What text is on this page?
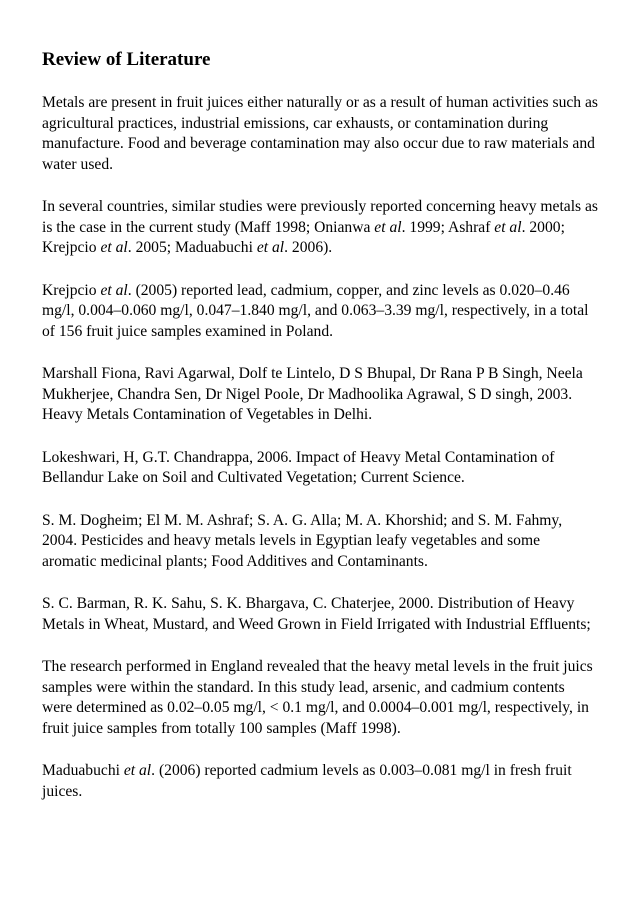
Review of Literature

Metals are present in fruit juices either naturally or as a result of human activities such as agricultural practices, industrial emissions, car exhausts, or contamination during manufacture. Food and beverage contamination may also occur due to raw materials and water used.

In several countries, similar studies were previously reported concerning heavy metals as is the case in the current study (Maff 1998; Onianwa et al. 1999; Ashraf et al. 2000; Krejpcio et al. 2005; Maduabuchi et al. 2006).

Krejpcio et al. (2005) reported lead, cadmium, copper, and zinc levels as 0.020–0.46 mg/l, 0.004–0.060 mg/l, 0.047–1.840 mg/l, and 0.063–3.39 mg/l, respectively, in a total of 156 fruit juice samples examined in Poland.

Marshall Fiona, Ravi Agarwal, Dolf te Lintelo, D S Bhupal, Dr Rana P B Singh, Neela Mukherjee, Chandra Sen, Dr Nigel Poole, Dr Madhoolika Agrawal, S D singh, 2003. Heavy Metals Contamination of Vegetables in Delhi.

Lokeshwari, H, G.T. Chandrappa, 2006. Impact of Heavy Metal Contamination of Bellandur Lake on Soil and Cultivated Vegetation; Current Science.

S. M. Dogheim; El M. M. Ashraf; S. A. G. Alla; M. A. Khorshid; and S. M. Fahmy, 2004. Pesticides and heavy metals levels in Egyptian leafy vegetables and some aromatic medicinal plants; Food Additives and Contaminants.

S. C. Barman, R. K. Sahu, S. K. Bhargava, C. Chaterjee, 2000. Distribution of Heavy Metals in Wheat, Mustard, and Weed Grown in Field Irrigated with Industrial Effluents;

The research performed in England revealed that the heavy metal levels in the fruit juics samples were within the standard. In this study lead, arsenic, and cadmium contents were determined as 0.02–0.05 mg/l, < 0.1 mg/l, and 0.0004–0.001 mg/l, respectively, in fruit juice samples from totally 100 samples (Maff 1998).

Maduabuchi et al. (2006) reported cadmium levels as 0.003–0.081 mg/l in fresh fruit juices.
